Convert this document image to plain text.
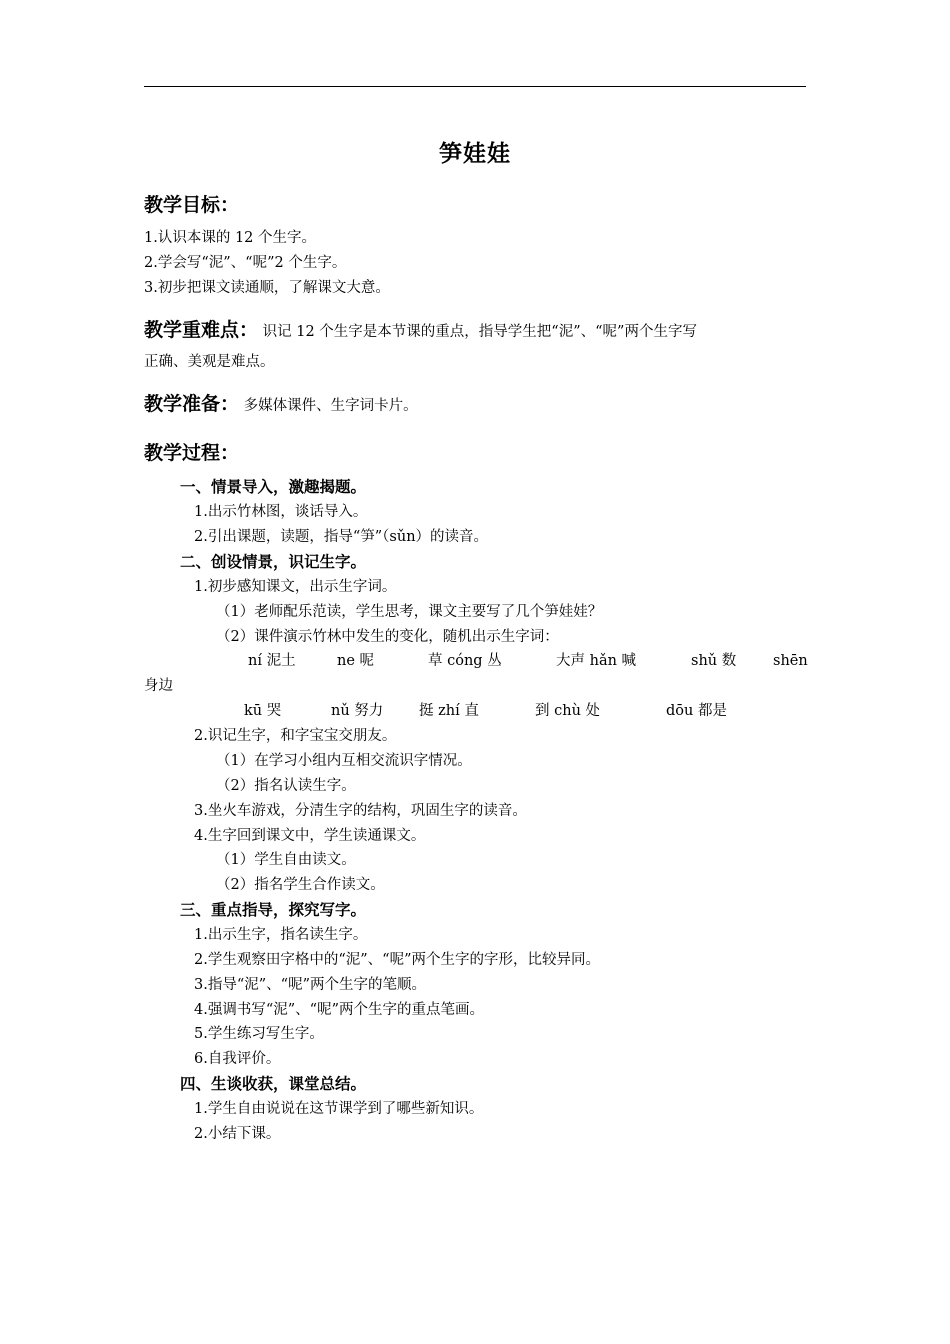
笋娃娃
教学目标：
1.认识本课的 12 个生字。
2.学会写“泥”、“呢”2 个生字。
3.初步把课文读通顺，了解课文大意。
教学重难点： 识记 12 个生字是本节课的重点，指导学生把“泥”、“呢”两个生字写
正确、美观是难点。
教学准备： 多媒体课件、生字词卡片。
教学过程：
一、情景导入，激趣揭题。
1.出示竹林图，谈话导入。
2.引出课题，读题，指导“笋”（sǔn）的读音。
二、创设情景，识记生字。
1.初步感知课文，出示生字词。
（1）老师配乐范读，学生思考，课文主要写了几个笋娃娃？
（2）课件演示竹林中发生的变化，随机出示生字词：
ní 泥土	ne 呢	草 cóng 丛	大声 hǎn 喊	shǔ 数	shēn
身边
kū 哭	nǔ 努力 挺 zhí 直	到 chù 处	dōu 都是
2.识记生字，和字宝宝交朋友。
（1）在学习小组内互相交流识字情况。
（2）指名认读生字。
3.坐火车游戏，分清生字的结构，巩固生字的读音。
4.生字回到课文中，学生读通课文。
（1）学生自由读文。
（2）指名学生合作读文。
三、重点指导，探究写字。
1.出示生字，指名读生字。
2.学生观察田字格中的“泥”、“呢”两个生字的字形，比较异同。
3.指导“泥”、“呢”两个生字的笔顺。
4.强调书写“泥”、“呢”两个生字的重点笔画。
5.学生练习写生字。
6.自我评价。
四、生谈收获，课堂总结。
1.学生自由说说在这节课学到了哪些新知识。
2.小结下课。
